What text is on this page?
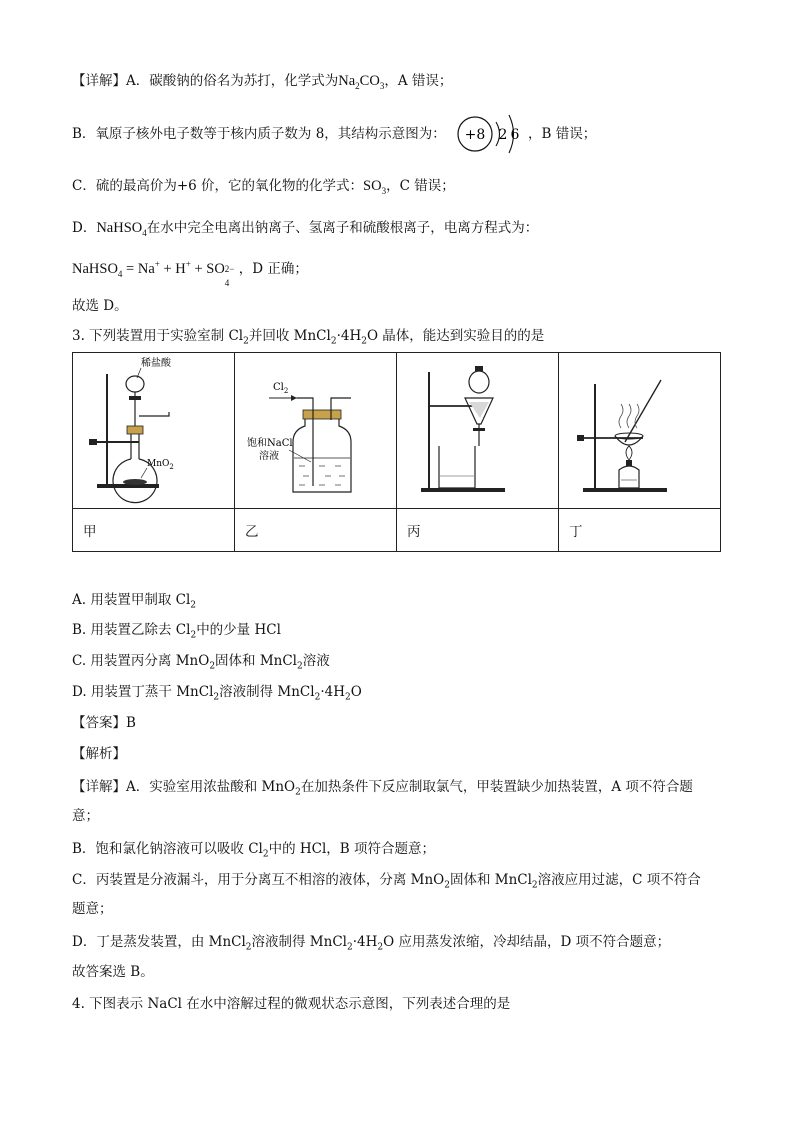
【详解】A．碳酸钠的俗名为苏打，化学式为$Na_2CO_3$，A 错误；
B．氧原子核外电子数等于核内质子数为 8，其结构示意图为： +8 2 6 ，B 错误；
C．硫的最高价为+6 价，它的氧化物的化学式：$SO_3$，C 错误；
D．NaHSO$_4$在水中完全电离出钠离子、氢离子和硫酸根离子，电离方程式为：
NaHSO$_4$ = Na+ + H+ + SO 2−
4
，D 正确；
故选 D。
3. 下列装置用于实验室制 $Cl_2$并回收 $MnCl_2\cdot 4H_2O$ 晶体，能达到实验目的的是
稀盐酸
MnO$_2$	$Cl_2$
饱和NaCl
溶液

甲	乙	丙	丁
A. 用装置甲制取 $Cl_2$
B. 用装置乙除去 $Cl_2$中的少量 HCl
C. 用装置丙分离 MnO$_2$固体和 MnCl$_2$溶液
D. 用装置丁蒸干 MnCl$_2$溶液制得 $MnCl_2\cdot 4H_2O$
【答案】B
【解析】
【详解】A．实验室用浓盐酸和 MnO$_2$在加热条件下反应制取氯气，甲装置缺少加热装置，A 项不符合题
意；
B．饱和氯化钠溶液可以吸收 $Cl_2$中的 HCl，B 项符合题意；
C．丙装置是分液漏斗，用于分离互不相溶的液体，分离 MnO$_2$固体和 MnCl$_2$溶液应用过滤，C 项不符合
题意；
D．丁是蒸发装置，由 MnCl$_2$溶液制得 $MnCl_2\cdot 4H_2O$ 应用蒸发浓缩，冷却结晶，D 项不符合题意；
故答案选 B。
4. 下图表示 NaCl 在水中溶解过程的微观状态示意图，下列表述合理的是
